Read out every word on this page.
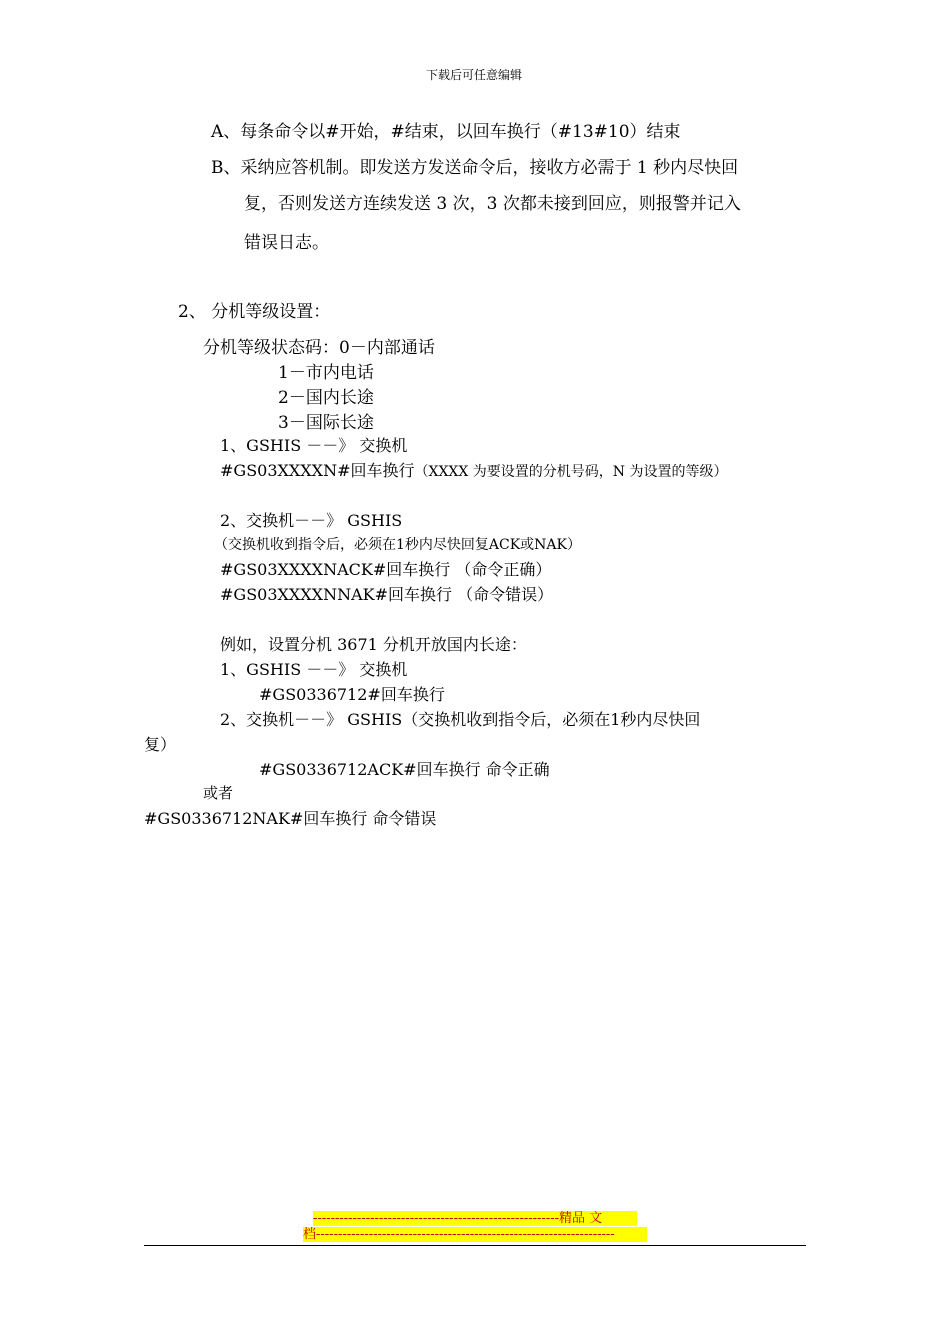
下载后可任意编辑
A、每条命令以#开始，#结束，以回车换行（#13#10）结束
B、采纳应答机制。即发送方发送命令后，接收方必需于 1 秒内尽快回
复，否则发送方连续发送 3 次，3 次都未接到回应，则报警并记入
错误日志。
2、 分机等级设置：
分机等级状态码：0－内部通话
1－市内电话
2－国内长途
3－国际长途
1、GSHIS －－》 交换机
#GS03XXXXN#回车换行（XXXX 为要设置的分机号码，N 为设置的等级）
2、交换机－－》 GSHIS
（交换机收到指令后，必须在1秒内尽快回复ACK或NAK）
#GS03XXXXNACK#回车换行 （命令正确）
#GS03XXXXNNAK#回车换行 （命令错误）
例如，设置分机 3671 分机开放国内长途：
1、GSHIS －－》 交换机
#GS0336712#回车换行
2、交换机－－》 GSHIS（交换机收到指令后，必须在1秒内尽快回
复）
#GS0336712ACK#回车换行 命令正确
或者
#GS0336712NAK#回车换行 命令错误
--------------------------------------------------------精品 文
档--------------------------------------------------------------------
